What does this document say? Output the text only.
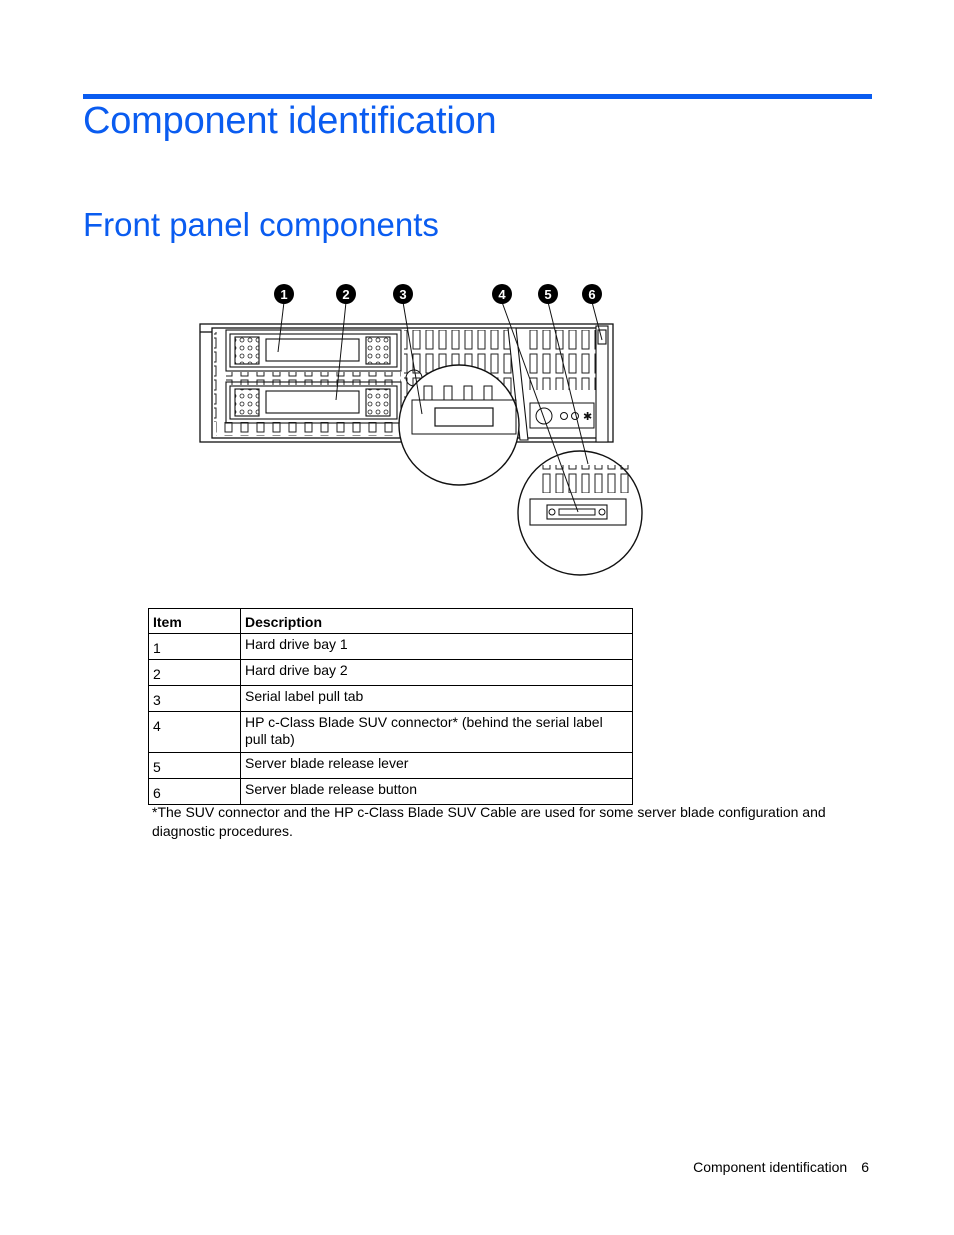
Component identification
Front panel components
✱
1	2	3	4	5	6
Item	Description
1	Hard drive bay 1
2	Hard drive bay 2
3	Serial label pull tab
4	HP c-Class Blade SUV connector* (behind the serial label pull tab)
5	Server blade release lever
6	Server blade release button

*The SUV connector and the HP c-Class Blade SUV Cable are used for some server blade configuration and diagnostic procedures.

Component identification 6
